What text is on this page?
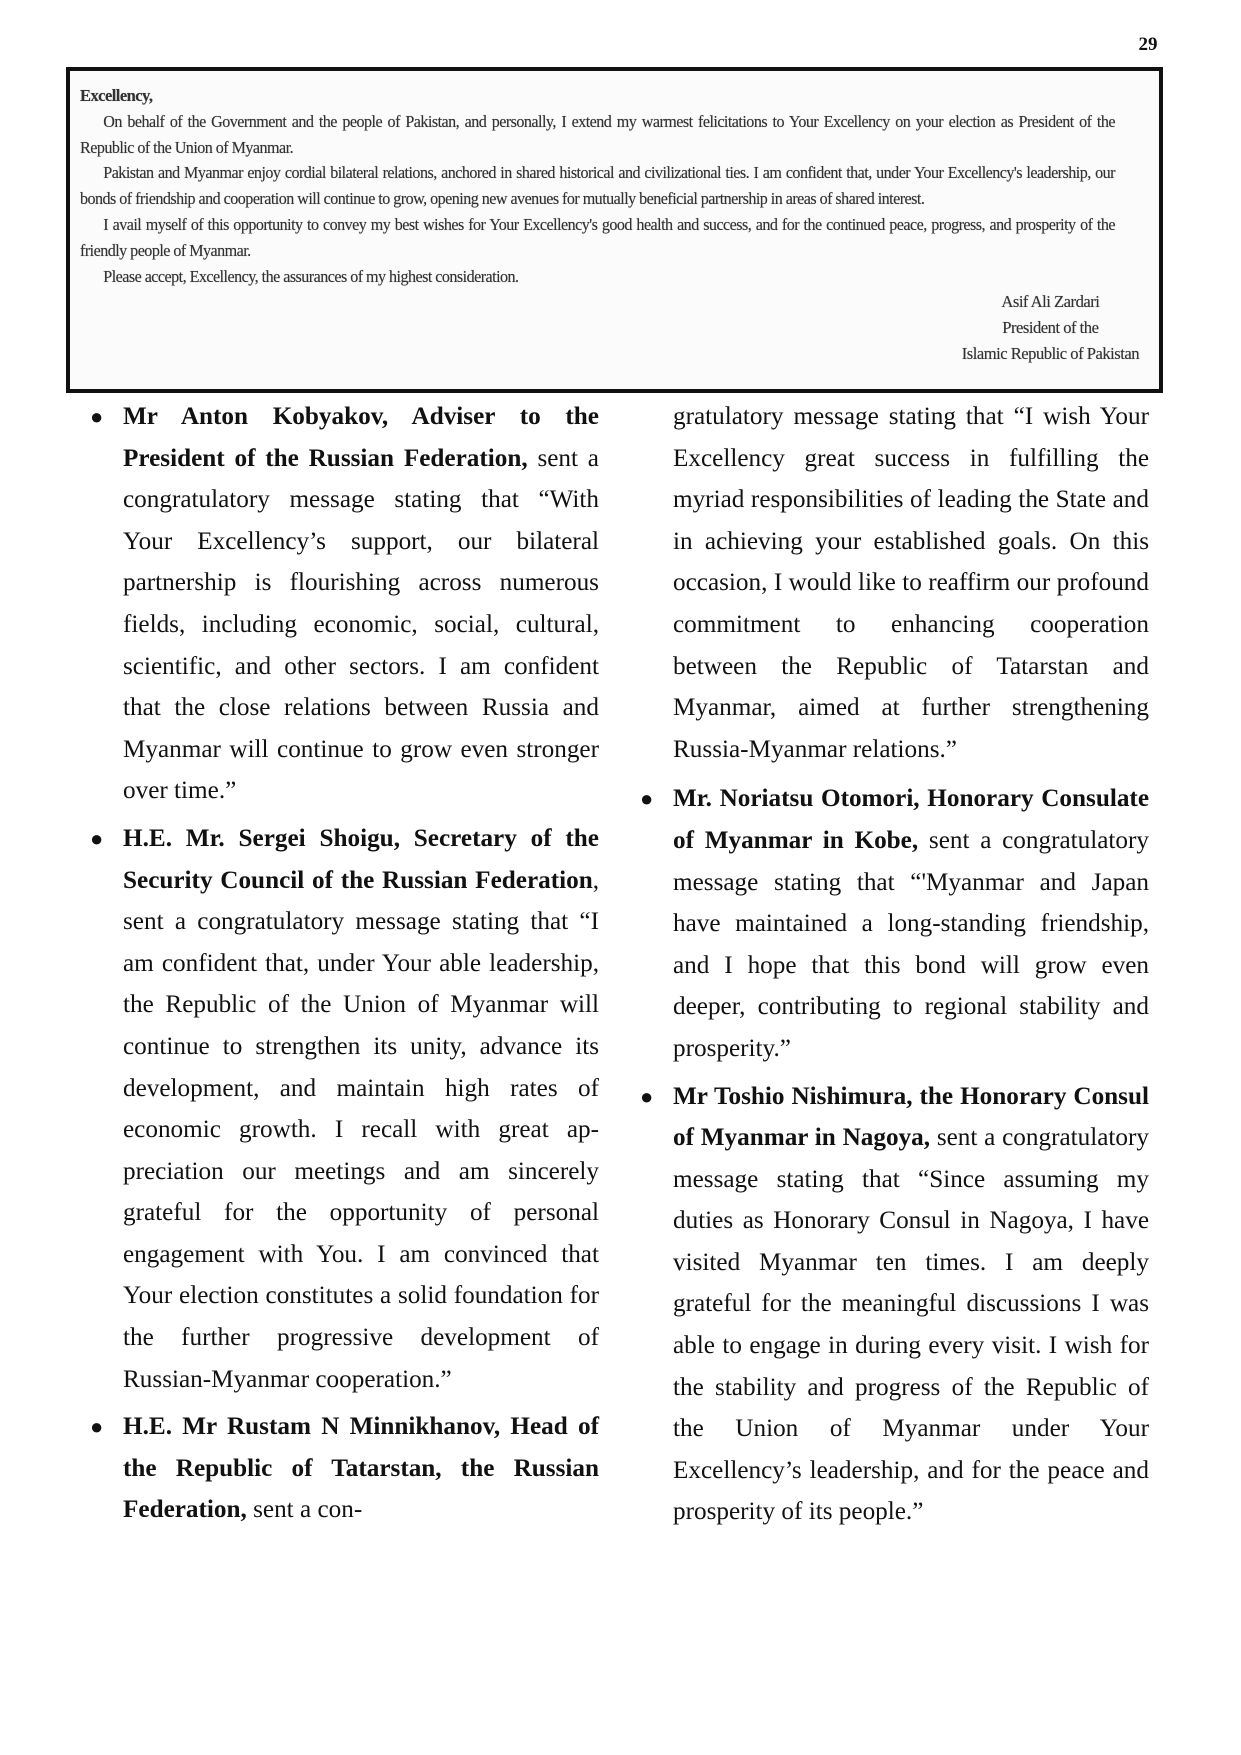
29
Excellency,

On behalf of the Government and the people of Pakistan, and personally, I extend my warmest felicitations to Your Excellency on your election as President of the Republic of the Union of Myanmar.

Pakistan and Myanmar enjoy cordial bilateral relations, anchored in shared historical and civilizational ties. I am confident that, under Your Excellency's leadership, our bonds of friendship and cooperation will continue to grow, opening new avenues for mutually beneficial partnership in areas of shared interest.

I avail myself of this opportunity to convey my best wishes for Your Excellency's good health and success, and for the continued peace, progress, and prosperity of the friendly people of Myanmar.

Please accept, Excellency, the assurances of my highest consideration.

Asif Ali Zardari
President of the
Islamic Republic of Pakistan
● Mr Anton Kobyakov, Adviser to the President of the Russian Federation, sent a congratulatory message stating that “With Your Excellency’s support, our bilateral partnership is flourishing across numerous fields, including economic, social, cultural, scientific, and other sectors. I am confident that the close relations between Russia and Myanmar will continue to grow even stronger over time.”

● H.E. Mr. Sergei Shoigu, Secretary of the Security Council of the Russian Federation, sent a congratulatory message stating that “I am confident that, under Your able leadership, the Republic of the Union of Myanmar will continue to strengthen its unity, advance its development, and maintain high rates of economic growth. I recall with great appreciation our meetings and am sincerely grateful for the opportunity of personal engagement with You. I am convinced that Your election constitutes a solid foundation for the further progressive development of Russian-Myanmar cooperation.”

● H.E. Mr Rustam N Minnikhanov, Head of the Republic of Tatarstan, the Russian Federation, sent a con-

gratulatory message stating that “I wish Your Excellency great success in fulfilling the myriad responsibilities of leading the State and in achieving your established goals. On this occasion, I would like to reaffirm our profound commitment to enhancing cooperation between the Republic of Tatarstan and Myanmar, aimed at further strengthening Russia-Myanmar relations.”

● Mr. Noriatsu Otomori, Honorary Consulate of Myanmar in Kobe, sent a congratulatory message stating that “'Myanmar and Japan have maintained a long-standing friendship, and I hope that this bond will grow even deeper, contributing to regional stability and prosperity.”

● Mr Toshio Nishimura, the Honorary Consul of Myanmar in Nagoya, sent a congratulatory message stating that “Since assuming my duties as Honorary Consul in Nagoya, I have visited Myanmar ten times. I am deeply grateful for the meaningful discussions I was able to engage in during every visit. I wish for the stability and progress of the Republic of the Union of Myanmar under Your Excellency’s leadership, and for the peace and prosperity of its people.”
